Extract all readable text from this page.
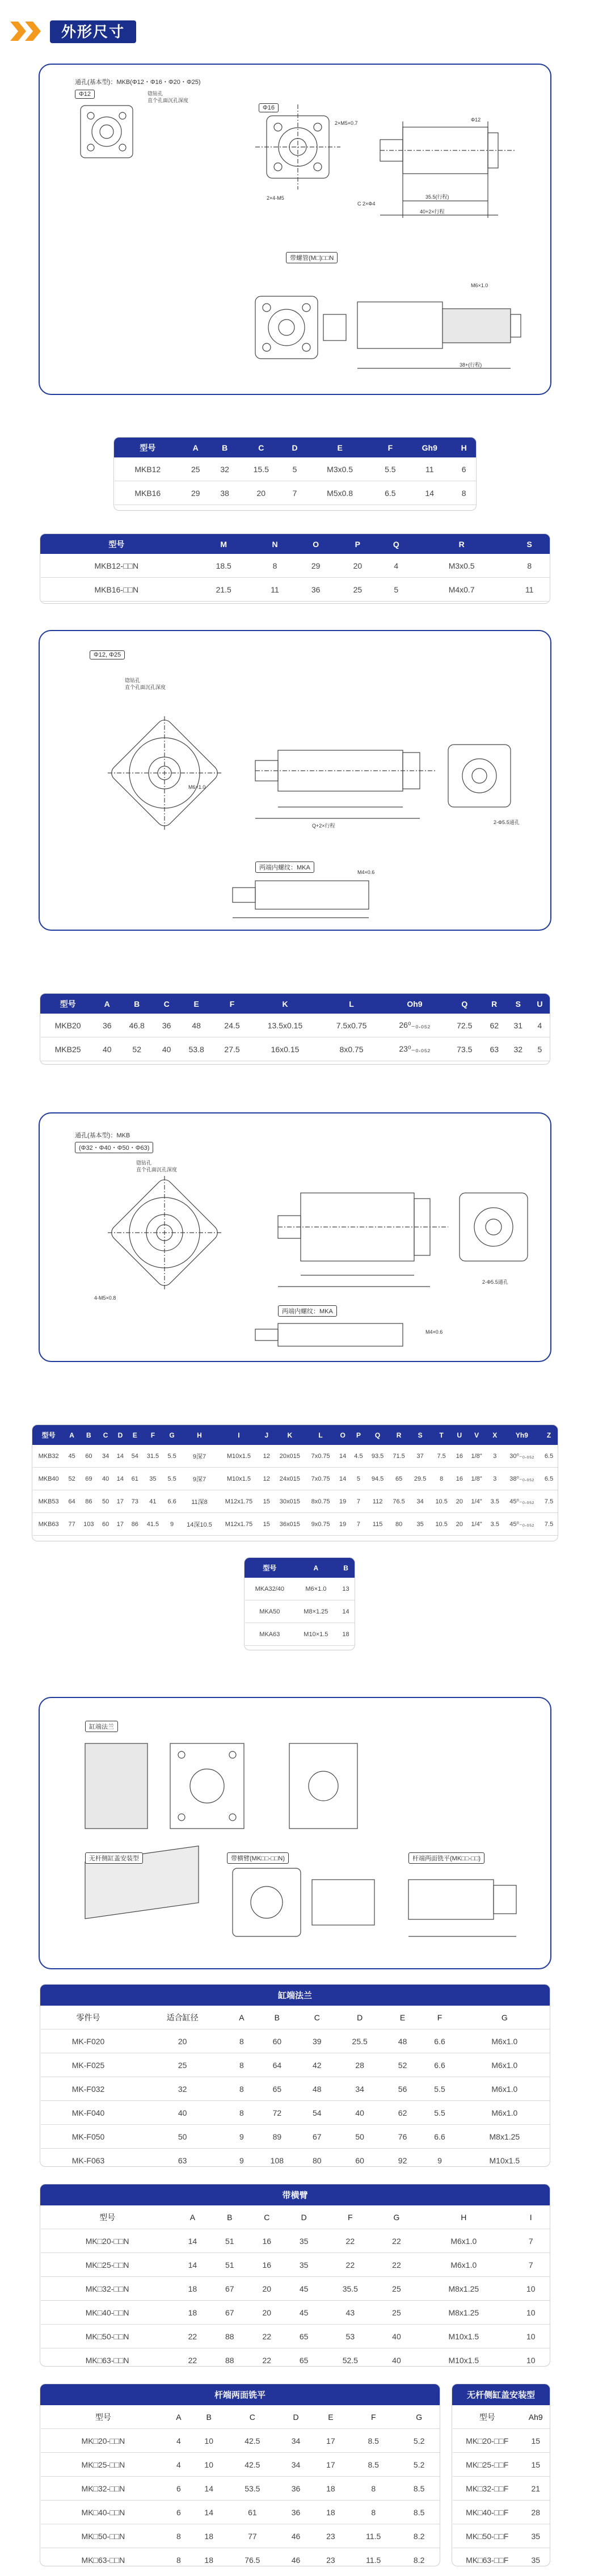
外形尺寸
通孔(基本型)：MKB(Φ12・Φ16・Φ20・Φ25)
Φ12
Φ16
锪钻孔
直个孔面沉孔深度
2×M5×0.7
2×4-M5
Φ12
C 2×Φ4
35.5(行程)
40+2×行程
带螺管(M□)□□N
M6×1.0
38+(行程)
型号	A	B	C	D	E	F	Gh9	H
MKB12	25	32	15.5	5	M3x0.5	5.5	11	6
MKB16	29	38	20	7	M5x0.8	6.5	14	8
型号	M	N	O	P	Q	R	S
MKB12-□□N	18.5	8	29	20	4	M3x0.5	8
MKB16-□□N	21.5	11	36	25	5	M4x0.7	11
Φ12, Φ25
锪钻孔
直个孔面沉孔深度
M6×1.0
2-Φ5.5通孔
Q+2×行程
两端内螺纹：MKA
M4×0.6
型号	A	B	C	E	F	K	L	Oh9	Q	R	S	U
MKB20	36	46.8	36	48	24.5	13.5x0.15	7.5x0.75	26⁰₋₀.₀₅₂	72.5	62	31	4
MKB25	40	52	40	53.8	27.5	16x0.15	8x0.75	23⁰₋₀.₀₅₂	73.5	63	32	5
通孔(基本型)：MKB
(Φ32・Φ40・Φ50・Φ63)
锪钻孔
直个孔面沉孔深度
4-M5×0.8
2-Φ5.5通孔
两端内螺纹：MKA
M4×0.6
型号	A	B	C	D	E	F	G	H	I	J	K	L	O	P	Q	R	S	T	U	V	X	Yh9	Z
MKB32	45	60	34	14	54	31.5	5.5	9深7	M10x1.5	12	20x015	7x0.75	14	4.5	93.5	71.5	37	7.5	16	1/8"	3	30⁰₋₀.₀₅₂	6.5
MKB40	52	69	40	14	61	35	5.5	9深7	M10x1.5	12	24x015	7x0.75	14	5	94.5	65	29.5	8	16	1/8"	3	38⁰₋₀.₀₅₂	6.5
MKB53	64	86	50	17	73	41	6.6	11深8	M12x1.75	15	30x015	8x0.75	19	7	112	76.5	34	10.5	20	1/4"	3.5	45⁰₋₀.₀₅₂	7.5
MKB63	77	103	60	17	86	41.5	9	14深10.5	M12x1.75	15	36x015	9x0.75	19	7	115	80	35	10.5	20	1/4"	3.5	45⁰₋₀.₀₅₂	7.5
型号	A	B
MKA32/40	M6×1.0	13
MKA50	M8×1.25	14
MKA63	M10×1.5	18
缸端法兰
带横臂(MK□□-□□N)
无杆侧缸盖安装型	杆端两面铣平(MK□□-□□)
缸端法兰								
零件号	适合缸径	A	B	C	D	E	F	G
MK-F020	20	8	60	39	25.5	48	6.6	M6x1.0
MK-F025	25	8	64	42	28	52	6.6	M6x1.0
MK-F032	32	8	65	48	34	56	5.5	M6x1.0
MK-F040	40	8	72	54	40	62	5.5	M6x1.0
MK-F050	50	9	89	67	50	76	6.6	M8x1.25
MK-F063	63	9	108	80	60	92	9	M10x1.5
带横臂								
型号	A	B	C	D	F	G	H	I
MK□20-□□N	14	51	16	35	22	22	M6x1.0	7
MK□25-□□N	14	51	16	35	22	22	M6x1.0	7
MK□32-□□N	18	67	20	45	35.5	25	M8x1.25	10
MK□40-□□N	18	67	20	45	43	25	M8x1.25	10
MK□50-□□N	22	88	22	65	53	40	M10x1.5	10
MK□63-□□N	22	88	22	65	52.5	40	M10x1.5	10
杆端两面铣平							
型号	A	B	C	D	E	F	G
MK□20-□□N	4	10	42.5	34	17	8.5	5.2
MK□25-□□N	4	10	42.5	34	17	8.5	5.2
MK□32-□□N	6	14	53.5	36	18	8	8.5
MK□40-□□N	6	14	61	36	18	8	8.5
MK□50-□□N	8	18	77	46	23	11.5	8.2
MK□63-□□N	8	18	76.5	46	23	11.5	8.2
无杆侧缸盖安装型	
型号	Ah9
MK□20-□□F	15
MK□25-□□F	15
MK□32-□□F	21
MK□40-□□F	28
MK□50-□□F	35
MK□63-□□F	35
